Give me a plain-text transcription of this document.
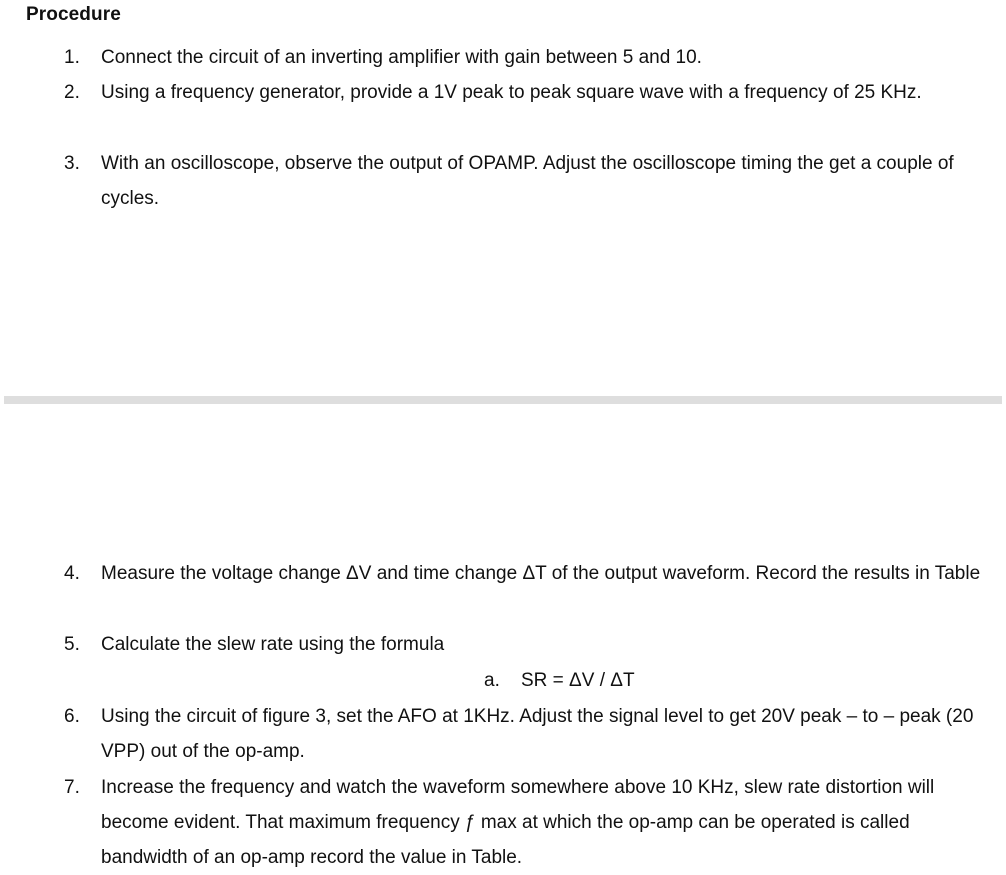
Procedure
1. Connect the circuit of an inverting amplifier with gain between 5 and 10.
2. Using a frequency generator, provide a 1V peak to peak square wave with a frequency of 25 KHz.
3. With an oscilloscope, observe the output of OPAMP. Adjust the oscilloscope timing the get a couple of cycles.
4. Measure the voltage change ΔV and time change ΔT of the output waveform. Record the results in Table
5. Calculate the slew rate using the formula
a. SR = ΔV / ΔT
6. Using the circuit of figure 3, set the AFO at 1KHz. Adjust the signal level to get 20V peak – to – peak (20 VPP) out of the op-amp.
7. Increase the frequency and watch the waveform somewhere above 10 KHz, slew rate distortion will become evident. That maximum frequency ƒ max at which the op-amp can be operated is called bandwidth of an op-amp record the value in Table.
